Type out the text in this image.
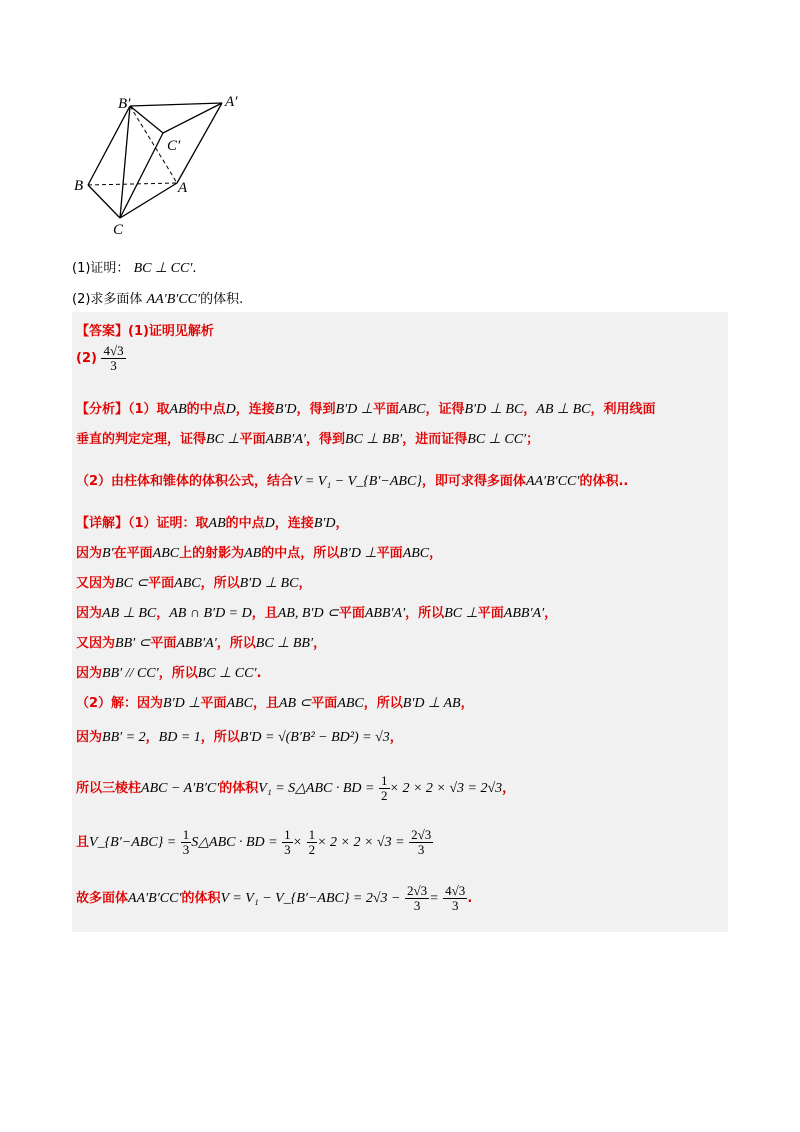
B′	A′
C′
B	A
C
(1)证明： BC ⊥ CC′.
(2)求多面体 AA′B′CC′的体积.
【答案】(1)证明见解析
$(2) \frac{4√3}{3}$
【分析】（1）取AB的中点D，连接B′D，得到B′D ⊥平面ABC，证得B′D ⊥ BC，AB ⊥ BC，利用线面
垂直的判定定理，证得BC ⊥平面ABB′A′，得到BC ⊥ BB′，进而证得BC ⊥ CC′；
（2）由柱体和锥体的体积公式，结合V = V₁ − V_{B′−ABC}，即可求得多面体AA′B′CC′的体积..
【详解】（1）证明：取AB的中点D，连接B′D，
因为B′在平面ABC上的射影为AB的中点，所以B′D ⊥平面ABC，
又因为BC ⊂平面ABC，所以B′D ⊥ BC，
因为AB ⊥ BC，AB ∩ B′D = D，且AB, B′D ⊂平面ABB′A′，所以BC ⊥平面ABB′A′，
又因为BB′ ⊂平面ABB′A′，所以BC ⊥ BB′，
因为BB′ // CC′，所以BC ⊥ CC′.
（2）解：因为B′D ⊥平面ABC，且AB ⊂平面ABC，所以B′D ⊥ AB，
因为BB′ = 2，BD = 1，所以B′D = √(B′B² − BD²) = √3，
所以三棱柱ABC − A′B′C′的体积V₁ = S△ABC · BD = $\frac{1}{2} \times 2 \times 2 \times √3 = 2√3$，
且V_{B′−ABC} = $\frac{1}{3}$ S△ABC · BD = $\frac{1}{3} \times \frac{1}{2} \times 2 \times 2 \times √3 = \frac{2√3}{3}$
故多面体AA′B′CC′的体积V = V₁ − V_{B′−ABC} = $2√3 - \frac{2√3}{3} = \frac{4√3}{3}$ .
